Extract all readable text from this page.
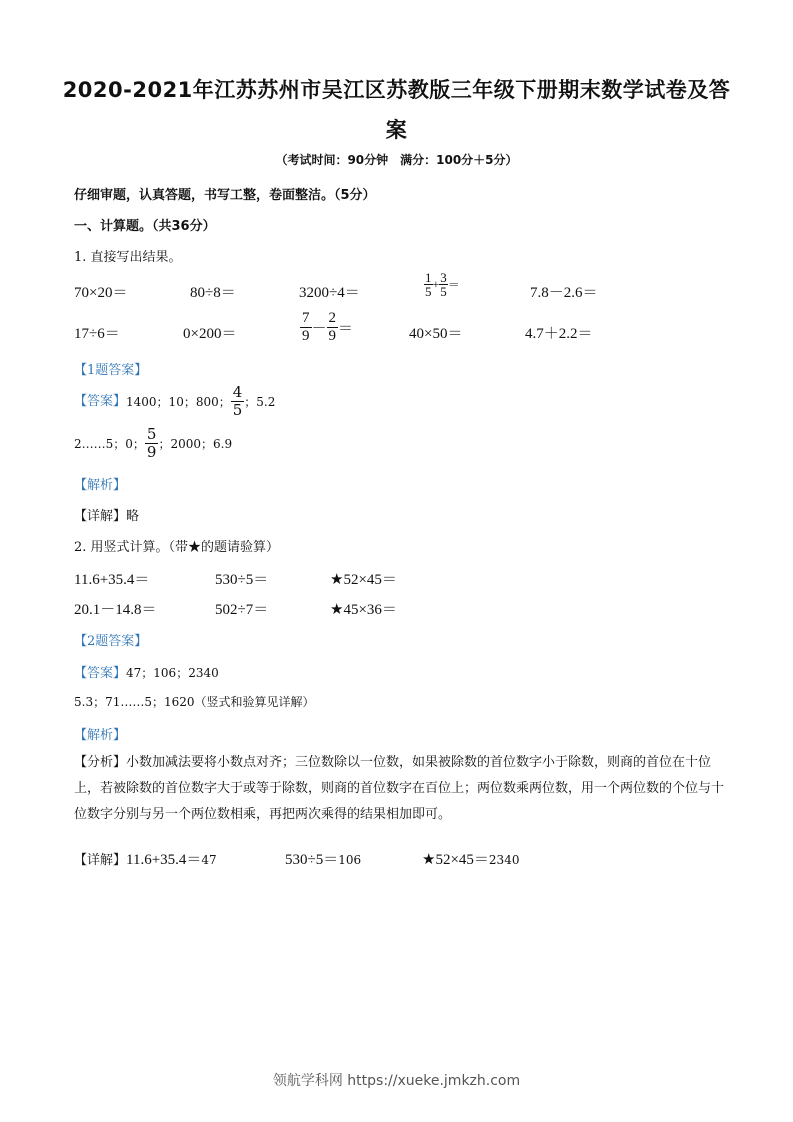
2020-2021年江苏苏州市吴江区苏教版三年级下册期末数学试卷及答案
（考试时间：90分钟　满分：100分＋5分）
仔细审题，认真答题，书写工整，卷面整洁。（5分）
一、计算题。（共36分）
1. 直接写出结果。
70×20＝	80÷8＝	3200÷4＝	$\frac{1}{5} + \frac{3}{5}$ ＝	7.8－2.6＝
17÷6＝	0×200＝	$\frac{7}{9} - \frac{2}{9}$ ＝	40×50＝	4.7＋2.2＝
【1题答案】
【答案】1400；10；800； $\frac{4}{5}$ ；5.2
2……5；0； $\frac{5}{9}$ ；2000；6.9
【解析】
【详解】略
2. 用竖式计算。（带★的题请验算）
11.6+35.4＝	530÷5＝	★52×45＝
20.1－14.8＝	502÷7＝	★45×36＝
【2题答案】
【答案】47；106；2340
5.3；71……5；1620（竖式和验算见详解）
【解析】
【分析】小数加减法要将小数点对齐；三位数除以一位数，如果被除数的首位数字小于除数，则商的首位在十位上，若被除数的首位数字大于或等于除数，则商的首位数字在百位上；两位数乘两位数，用一个两位数的个位与十位数字分别与另一个两位数相乘，再把两次乘得的结果相加即可。
【详解】11.6+35.4＝47	530÷5＝106	★52×45＝2340
领航学科网 https://xueke.jmkzh.com
